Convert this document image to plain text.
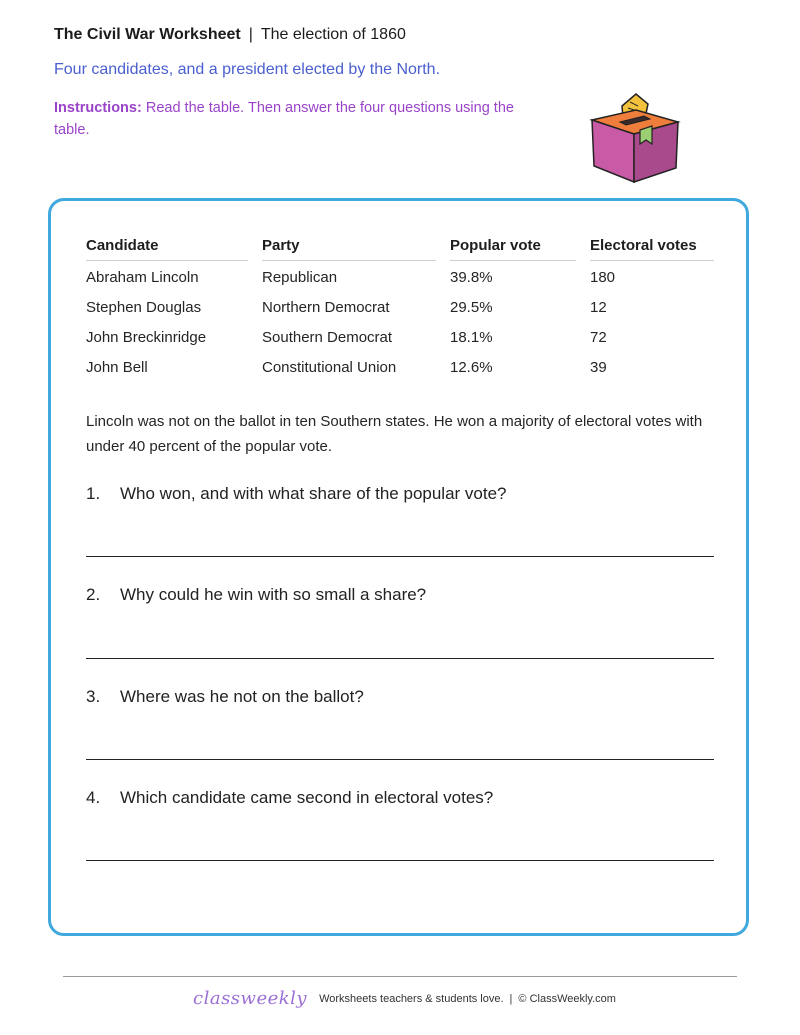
The Civil War Worksheet | The election of 1860
Four candidates, and a president elected by the North.
Instructions: Read the table. Then answer the four questions using the table.
Candidate		Party		Popular vote		Electoral votes
Abraham Lincoln		Republican		39.8%		180
Stephen Douglas		Northern Democrat		29.5%		12
John Breckinridge		Southern Democrat		18.1%		72
John Bell		Constitutional Union		12.6%		39
Lincoln was not on the ballot in ten Southern states. He won a majority of electoral votes with under 40 percent of the popular vote.
1. Who won, and with what share of the popular vote?
2. Why could he win with so small a share?
3. Where was he not on the ballot?
4. Which candidate came second in electoral votes?
classweekly Worksheets teachers & students love. | © ClassWeekly.com
